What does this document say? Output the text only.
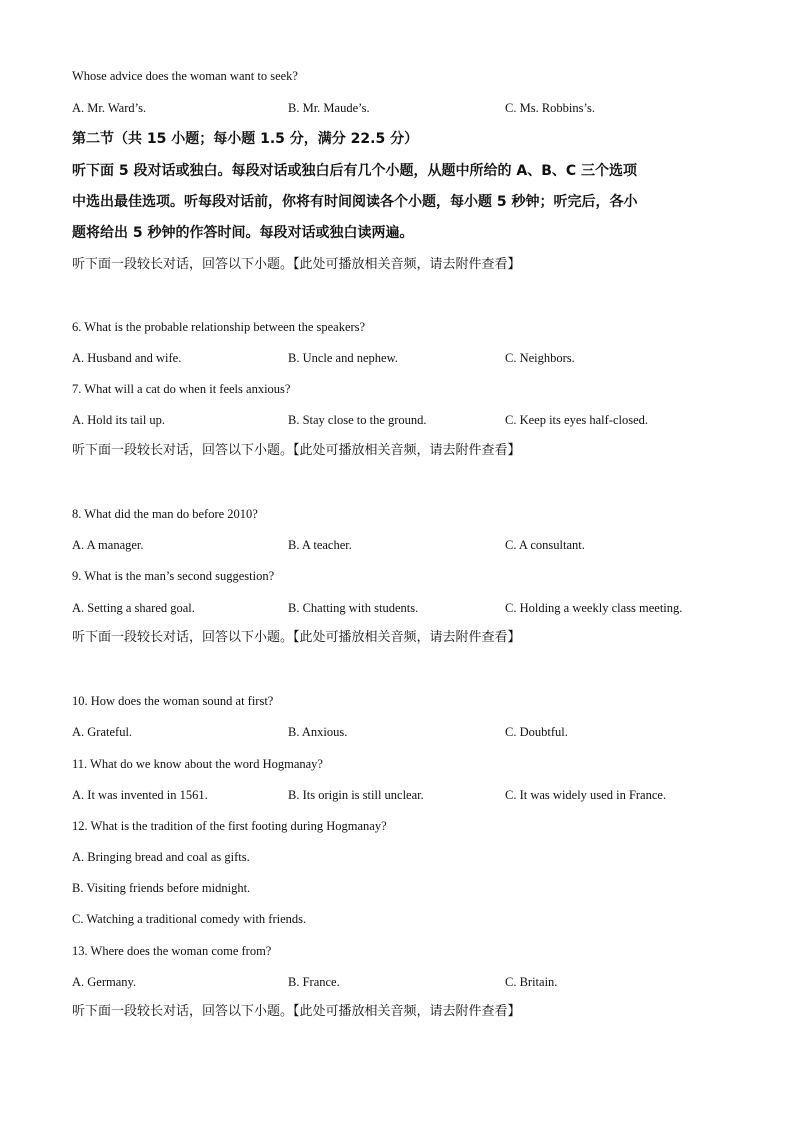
Whose advice does the woman want to seek?
A. Mr. Ward’s.	B. Mr. Maude’s.	C. Ms. Robbins’s.
第二节（共 15 小题；每小题 1.5 分，满分 22.5 分）
听下面 5 段对话或独白。每段对话或独白后有几个小题，从题中所给的 A、B、C 三个选项
中选出最佳选项。听每段对话前，你将有时间阅读各个小题，每小题 5 秒钟；听完后，各小
题将给出 5 秒钟的作答时间。每段对话或独白读两遍。
听下面一段较长对话，回答以下小题。【此处可播放相关音频，请去附件查看】
6. What is the probable relationship between the speakers?
A. Husband and wife.	B. Uncle and nephew.	C. Neighbors.
7. What will a cat do when it feels anxious?
A. Hold its tail up.	B. Stay close to the ground.	C. Keep its eyes half-closed.
听下面一段较长对话，回答以下小题。【此处可播放相关音频，请去附件查看】
8. What did the man do before 2010?
A. A manager.	B. A teacher.	C. A consultant.
9. What is the man’s second suggestion?
A. Setting a shared goal.	B. Chatting with students.	C. Holding a weekly class meeting.
听下面一段较长对话，回答以下小题。【此处可播放相关音频，请去附件查看】
10. How does the woman sound at first?
A. Grateful.	B. Anxious.	C. Doubtful.
11. What do we know about the word Hogmanay?
A. It was invented in 1561.	B. Its origin is still unclear.	C. It was widely used in France.
12. What is the tradition of the first footing during Hogmanay?
A. Bringing bread and coal as gifts.
B. Visiting friends before midnight.
C. Watching a traditional comedy with friends.
13. Where does the woman come from?
A. Germany.	B. France.	C. Britain.
听下面一段较长对话，回答以下小题。【此处可播放相关音频，请去附件查看】
